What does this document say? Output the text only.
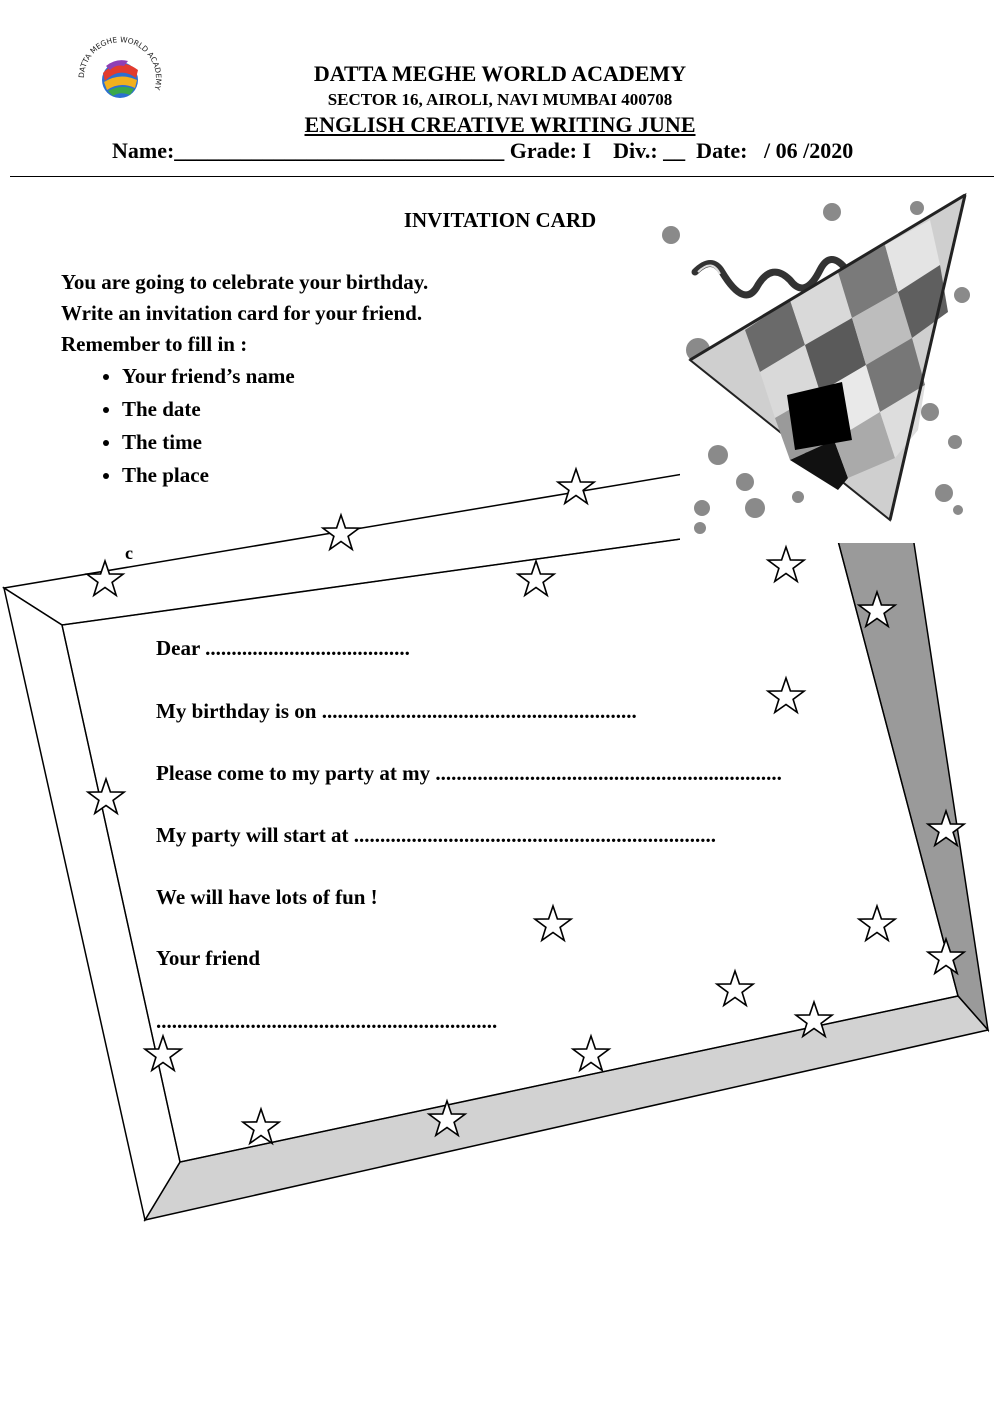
DATTA MEGHE WORLD ACADEMY
DATTA MEGHE WORLD ACADEMY
SECTOR 16, AIROLI, NAVI MUMBAI 400708
ENGLISH CREATIVE WRITING JUNE
Name:______________________________ Grade: I    Div.: __  Date:   / 06 /2020
INVITATION CARD
You are going to celebrate your birthday.
Write an invitation card for your friend.
Remember to fill in :
• Your friend’s name
• The date
• The time
• The place
c
Dear .......................................
My birthday is on ............................................................
Please come to my party at my ..................................................................
My party will start at .....................................................................
We will have lots of fun !
Your friend
.................................................................
